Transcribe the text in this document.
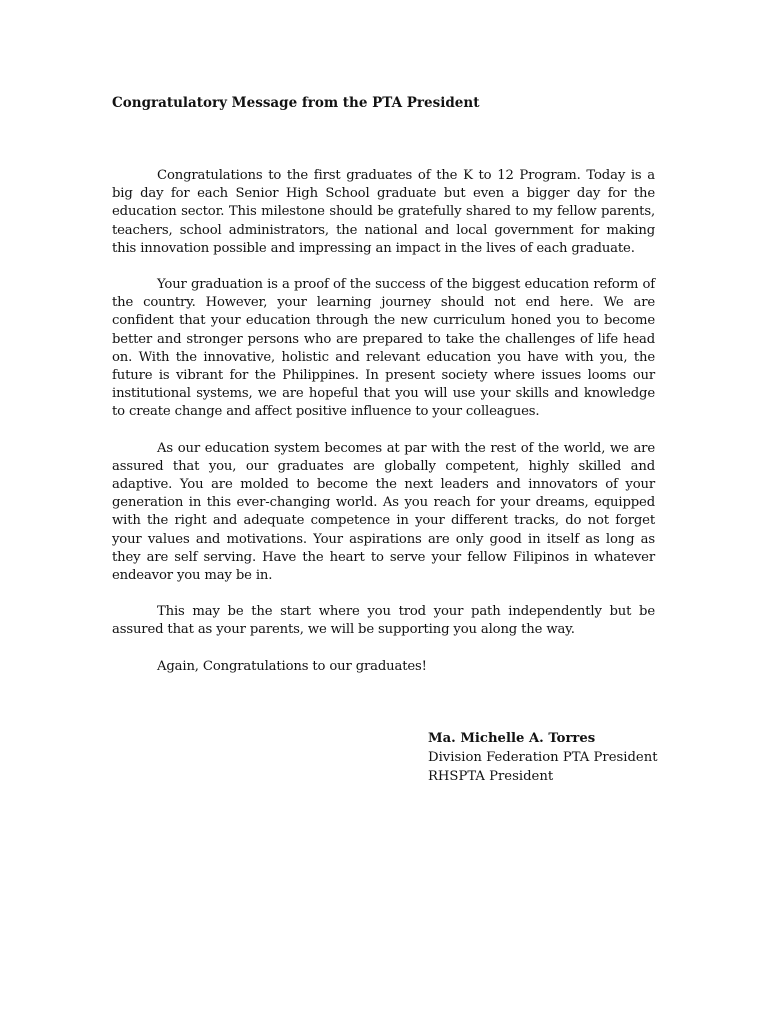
Congratulatory Message from the PTA President

Congratulations to the first graduates of the K to 12 Program. Today is a big day for each Senior High School graduate but even a bigger day for the education sector. This milestone should be gratefully shared to my fellow parents, teachers, school administrators, the national and local government for making this innovation possible and impressing an impact in the lives of each graduate.

Your graduation is a proof of the success of the biggest education reform of the country. However, your learning journey should not end here. We are confident that your education through the new curriculum honed you to become better and stronger persons who are prepared to take the challenges of life head on. With the innovative, holistic and relevant education you have with you, the future is vibrant for the Philippines. In present society where issues looms our institutional systems, we are hopeful that you will use your skills and knowledge to create change and affect positive influence to your colleagues.

As our education system becomes at par with the rest of the world, we are assured that you, our graduates are globally competent, highly skilled and adaptive. You are molded to become the next leaders and innovators of your generation in this ever-changing world. As you reach for your dreams, equipped with the right and adequate competence in your different tracks, do not forget your values and motivations. Your aspirations are only good in itself as long as they are self serving. Have the heart to serve your fellow Filipinos in whatever endeavor you may be in.

This may be the start where you trod your path independently but be assured that as your parents, we will be supporting you along the way.

Again, Congratulations to our graduates!

Ma. Michelle A. Torres

Division Federation PTA President

RHSPTA President
